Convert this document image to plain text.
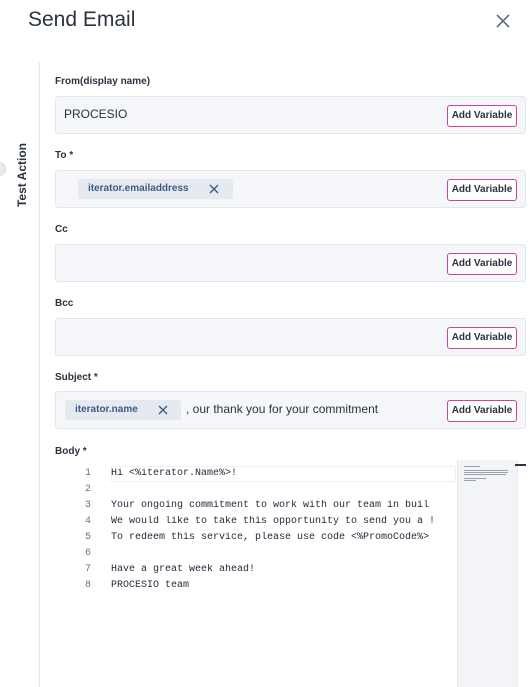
Send Email
Test Action
From(display name)
PROCESIO	Add Variable
To *
iterator.emailaddress	Add Variable
Cc
Add Variable
Bcc
Add Variable
Subject *
iterator.name	, our thank you for your commitment	Add Variable
Body *
1
2
3
4
5
6
7
8
Hi <%iterator.Name%>!
Your ongoing commitment to work with our team in buil
We would like to take this opportunity to send you a !
To redeem this service, please use code <%PromoCode%>
Have a great week ahead!
PROCESIO team
